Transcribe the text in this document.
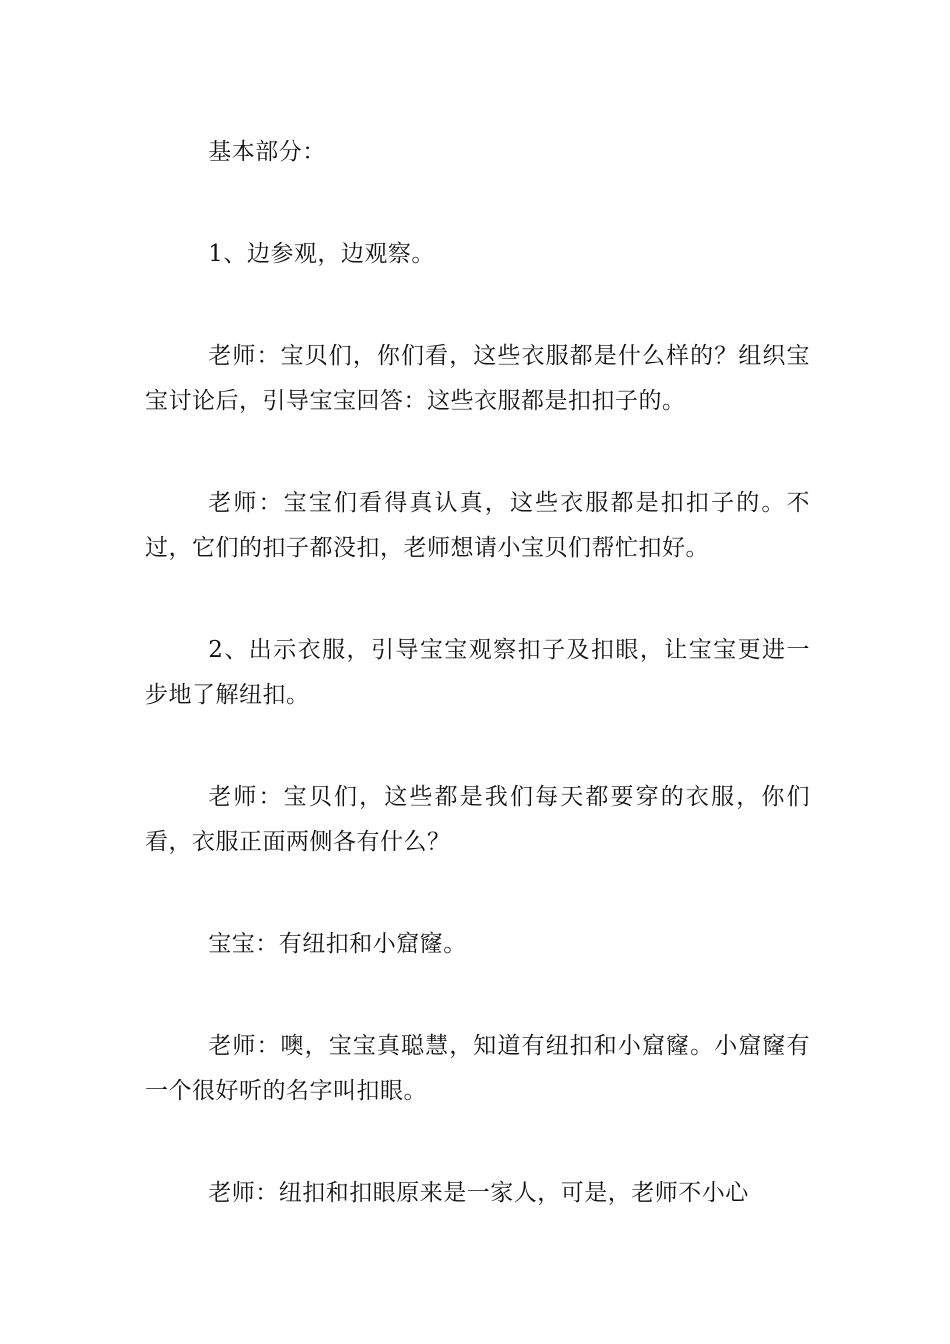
基本部分：

1、边参观，边观察。

老师：宝贝们，你们看，这些衣服都是什么样的？组织宝宝讨论后，引导宝宝回答：这些衣服都是扣扣子的。

老师：宝宝们看得真认真，这些衣服都是扣扣子的。不过，它们的扣子都没扣，老师想请小宝贝们帮忙扣好。

2、出示衣服，引导宝宝观察扣子及扣眼，让宝宝更进一步地了解纽扣。

老师：宝贝们，这些都是我们每天都要穿的衣服，你们看，衣服正面两侧各有什么？

宝宝：有纽扣和小窟窿。

老师：噢，宝宝真聪慧，知道有纽扣和小窟窿。小窟窿有一个很好听的名字叫扣眼。

老师：纽扣和扣眼原来是一家人，可是，老师不小心
